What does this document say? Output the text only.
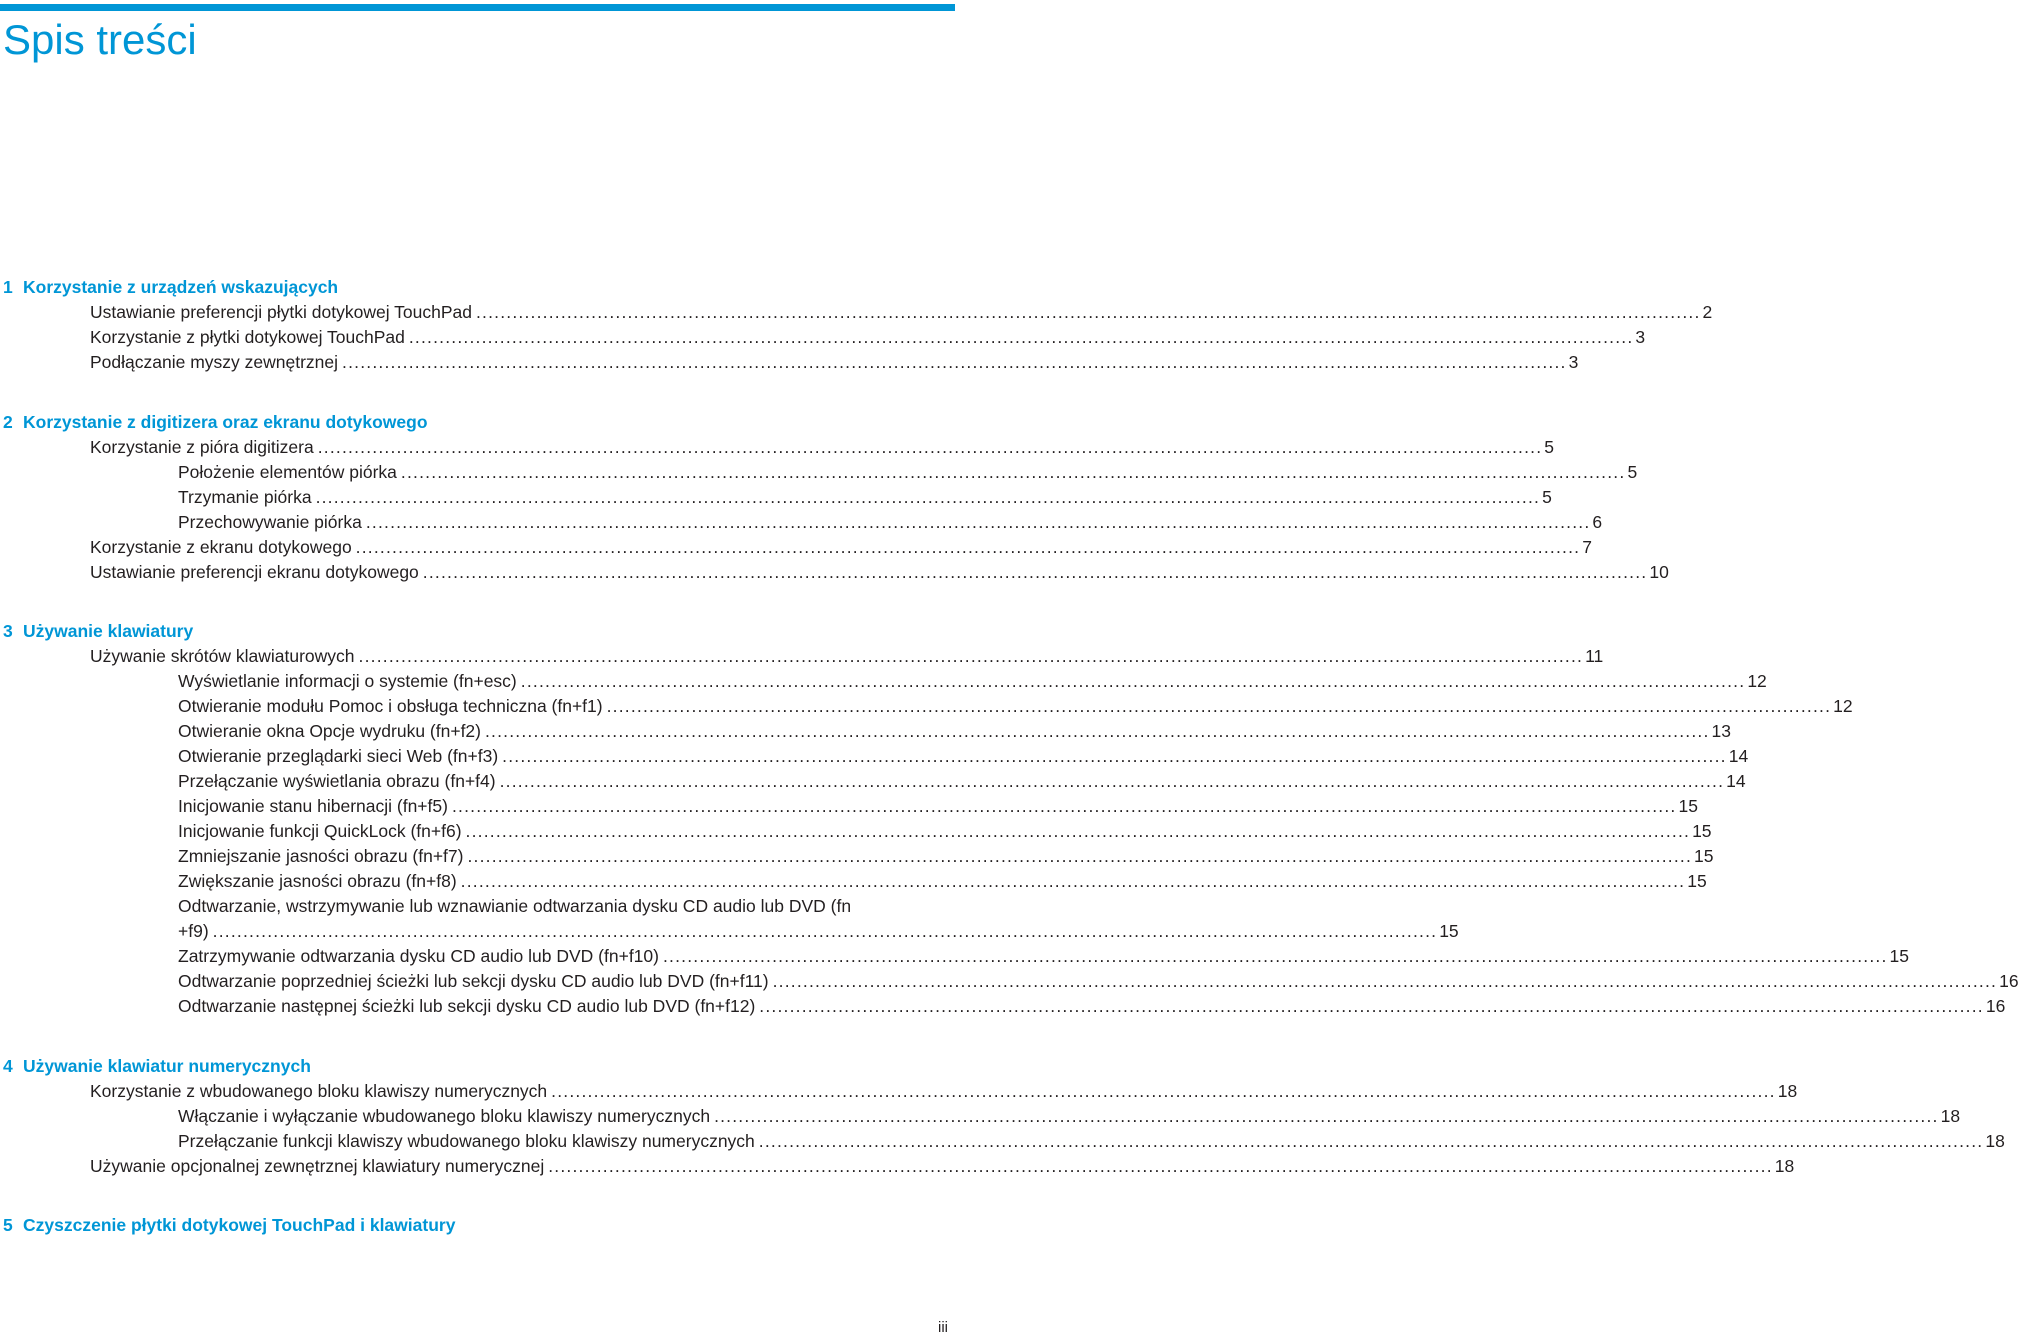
Spis treści
1 Korzystanie z urządzeń wskazujących
Ustawianie preferencji płytki dotykowej TouchPad .......................................................................................................................................................................................................... 2
Korzystanie z płytki dotykowej TouchPad .......................................................................................................................................................................................................... 3
Podłączanie myszy zewnętrznej .......................................................................................................................................................................................................... 3
2 Korzystanie z digitizera oraz ekranu dotykowego
Korzystanie z pióra digitizera .......................................................................................................................................................................................................... 5
Położenie elementów piórka .......................................................................................................................................................................................................... 5
Trzymanie piórka .......................................................................................................................................................................................................... 5
Przechowywanie piórka .......................................................................................................................................................................................................... 6
Korzystanie z ekranu dotykowego .......................................................................................................................................................................................................... 7
Ustawianie preferencji ekranu dotykowego .......................................................................................................................................................................................................... 10
3 Używanie klawiatury
Używanie skrótów klawiaturowych .......................................................................................................................................................................................................... 11
Wyświetlanie informacji o systemie (fn+esc) .......................................................................................................................................................................................................... 12
Otwieranie modułu Pomoc i obsługa techniczna (fn+f1) .......................................................................................................................................................................................................... 12
Otwieranie okna Opcje wydruku (fn+f2) .......................................................................................................................................................................................................... 13
Otwieranie przeglądarki sieci Web (fn+f3) .......................................................................................................................................................................................................... 14
Przełączanie wyświetlania obrazu (fn+f4) .......................................................................................................................................................................................................... 14
Inicjowanie stanu hibernacji (fn+f5) .......................................................................................................................................................................................................... 15
Inicjowanie funkcji QuickLock (fn+f6) .......................................................................................................................................................................................................... 15
Zmniejszanie jasności obrazu (fn+f7) .......................................................................................................................................................................................................... 15
Zwiększanie jasności obrazu (fn+f8) .......................................................................................................................................................................................................... 15
Odtwarzanie, wstrzymywanie lub wznawianie odtwarzania dysku CD audio lub DVD (fn
+f9) .......................................................................................................................................................................................................... 15
Zatrzymywanie odtwarzania dysku CD audio lub DVD (fn+f10) .......................................................................................................................................................................................................... 15
Odtwarzanie poprzedniej ścieżki lub sekcji dysku CD audio lub DVD (fn+f11) .......................................................................................................................................................................................................... 16
Odtwarzanie następnej ścieżki lub sekcji dysku CD audio lub DVD (fn+f12) .......................................................................................................................................................................................................... 16
4 Używanie klawiatur numerycznych
Korzystanie z wbudowanego bloku klawiszy numerycznych .......................................................................................................................................................................................................... 18
Włączanie i wyłączanie wbudowanego bloku klawiszy numerycznych .......................................................................................................................................................................................................... 18
Przełączanie funkcji klawiszy wbudowanego bloku klawiszy numerycznych .......................................................................................................................................................................................................... 18
Używanie opcjonalnej zewnętrznej klawiatury numerycznej .......................................................................................................................................................................................................... 18
5 Czyszczenie płytki dotykowej TouchPad i klawiatury
iii
